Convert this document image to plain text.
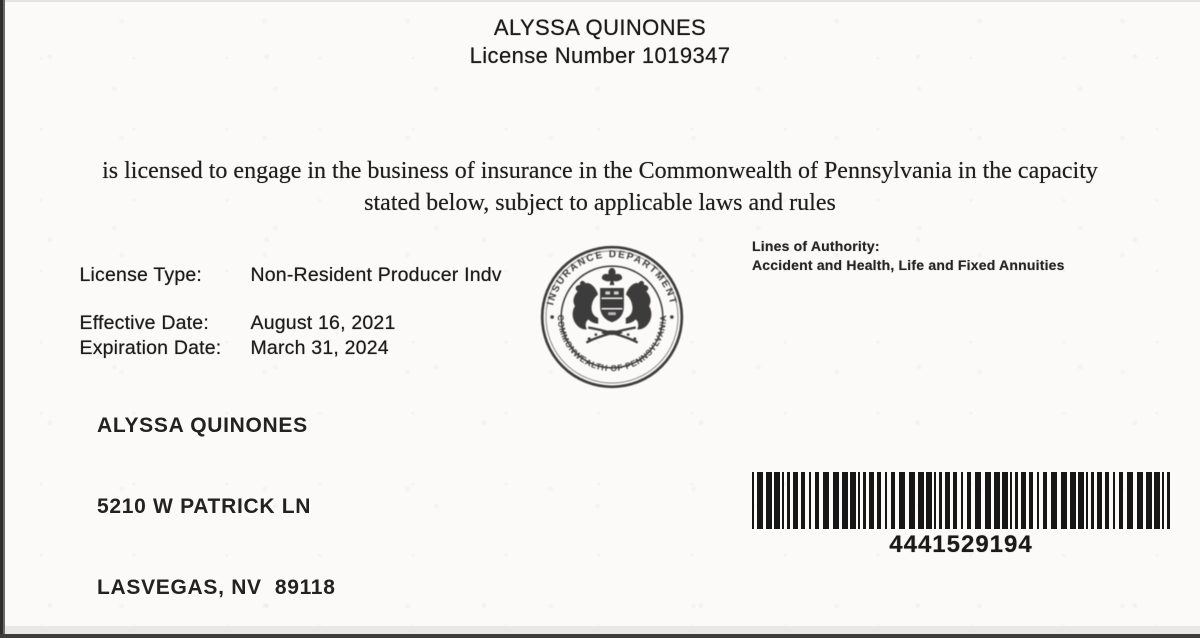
ALYSSA QUINONES
License Number 1019347
is licensed to engage in the business of insurance in the Commonwealth of Pennsylvania in the capacity
stated below, subject to applicable laws and rules

License Type: Non-Resident Producer Indv

Effective Date: August 16, 2021

Expiration Date: March 31, 2024

ALYSSA QUINONES

5210 W PATRICK LN

LASVEGAS, NV  89118

INSURANCE DEPARTMENT
COMMONWEALTH OF PENNSYLVANIA
Lines of Authority:
Accident and Health, Life and Fixed Annuities
4441529194
